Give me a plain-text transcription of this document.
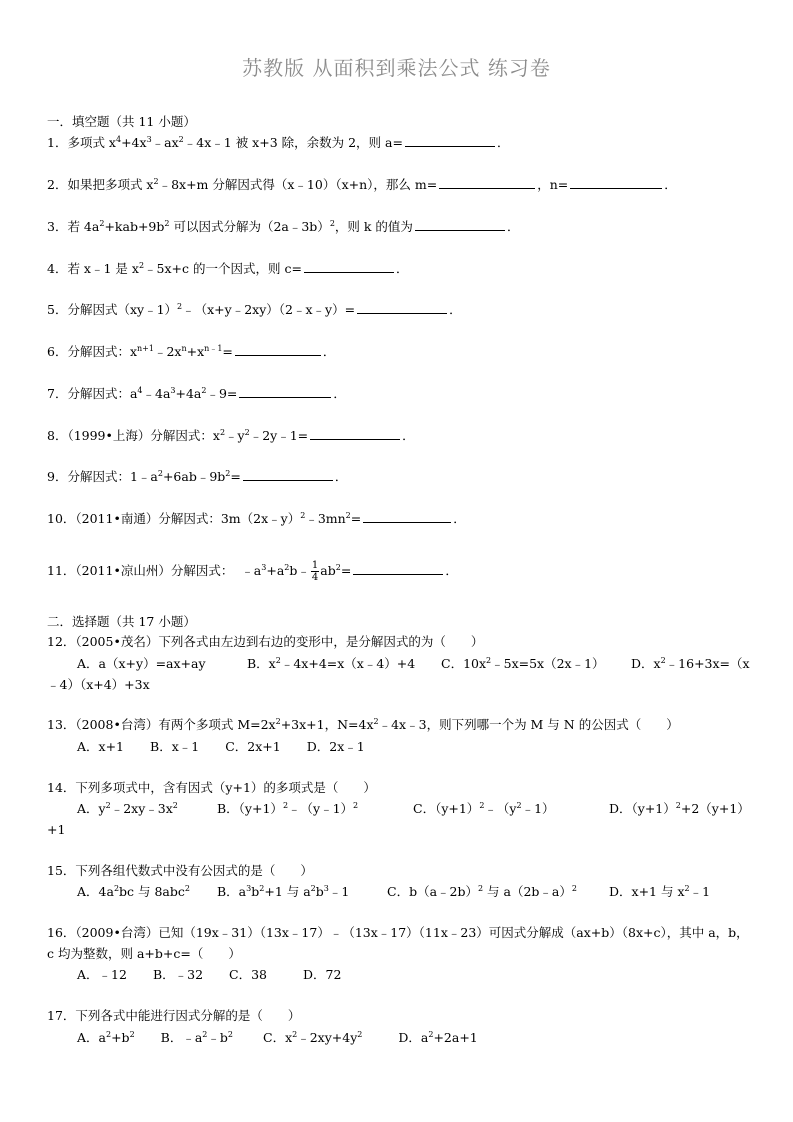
苏教版 从面积到乘法公式 练习卷
一．填空题（共 11 小题）
1．多项式 $x^4+4x^3﹣ax^2﹣4x﹣1$ 被 x+3 除，余数为 2，则 a=	．
2．如果把多项式 $x^2﹣8x+m$ 分解因式得（x﹣10）（x+n），那么 m=	，n=	．
3．若 $4a^2+kab+9b^2$ 可以因式分解为（2a﹣3b）$^2$，则 k 的值为	．
4．若 x﹣1 是 $x^2﹣5x+c$ 的一个因式，则 c=	．
5．分解因式（xy﹣1）$^2$﹣（x+y﹣2xy）（2﹣x﹣y）=	．
6．分解因式：$x^{n+1}﹣2x^n+x^{n﹣1}=$	．
7．分解因式：$a^4﹣4a^3+4a^2﹣9=$	．
8．（1999•上海）分解因式：$x^2﹣y^2﹣2y﹣1=$	．
9．分解因式：$1﹣a^2+6ab﹣9b^2=$	．
10．（2011•南通）分解因式：$3m(2x﹣y)^2﹣3mn^2=$	．
11．（2011•凉山州）分解因式：  $﹣a^3+a^2b﹣ \frac{1}{4} ab^2=$	．
二．选择题（共 17 小题）
12．（2005•茂名）下列各式由左边到右边的变形中，是分解因式的为（　　）
A．a（x+y）=ax+ay	B．$x^2﹣4x+4=x(x﹣4)+4$ C．$10x^2﹣5x=5x(2x﹣1)$ D．$x^2﹣16+3x=(x$
﹣4）（x+4）+3x
13．（2008•台湾）有两个多项式 $M=2x^2+3x+1$，$N=4x^2﹣4x﹣3$，则下列哪一个为 M 与 N 的公因式（　　）
A．x+1 B．x﹣1 C．2x+1 D．2x﹣1
14．下列多项式中，含有因式（y+1）的多项式是（　　）
A．$y^2﹣2xy﹣3x^2$	B．$(y+1)^2﹣(y﹣1)^2$	C．$(y+1)^2﹣(y^2﹣1)$	D．$(y+1)^2+2(y+1)$
+1
15．下列各组代数式中没有公因式的是（　　）
A．$4a^2bc$ 与 8abc$^2$ B．$a^3b^2+1$ 与 $a^2b^3﹣1$	C．b（a﹣2b）$^2$ 与 a（2b﹣a）$^2$	D．x+1 与 $x^2﹣1$
16．（2009•台湾）已知（19x﹣31）（13x﹣17）﹣（13x﹣17）（11x﹣23）可因式分解成（ax+b）（8x+c），其中 a，b，
c 均为整数，则 a+b+c=（　　）
A．﹣12 B．﹣32 C．38	D．72
17．下列各式中能进行因式分解的是（　　）
A．$a^2+b^2$ B．$﹣a^2﹣b^2$ C．$x^2﹣2xy+4y^2$	D．$a^2+2a+1$
